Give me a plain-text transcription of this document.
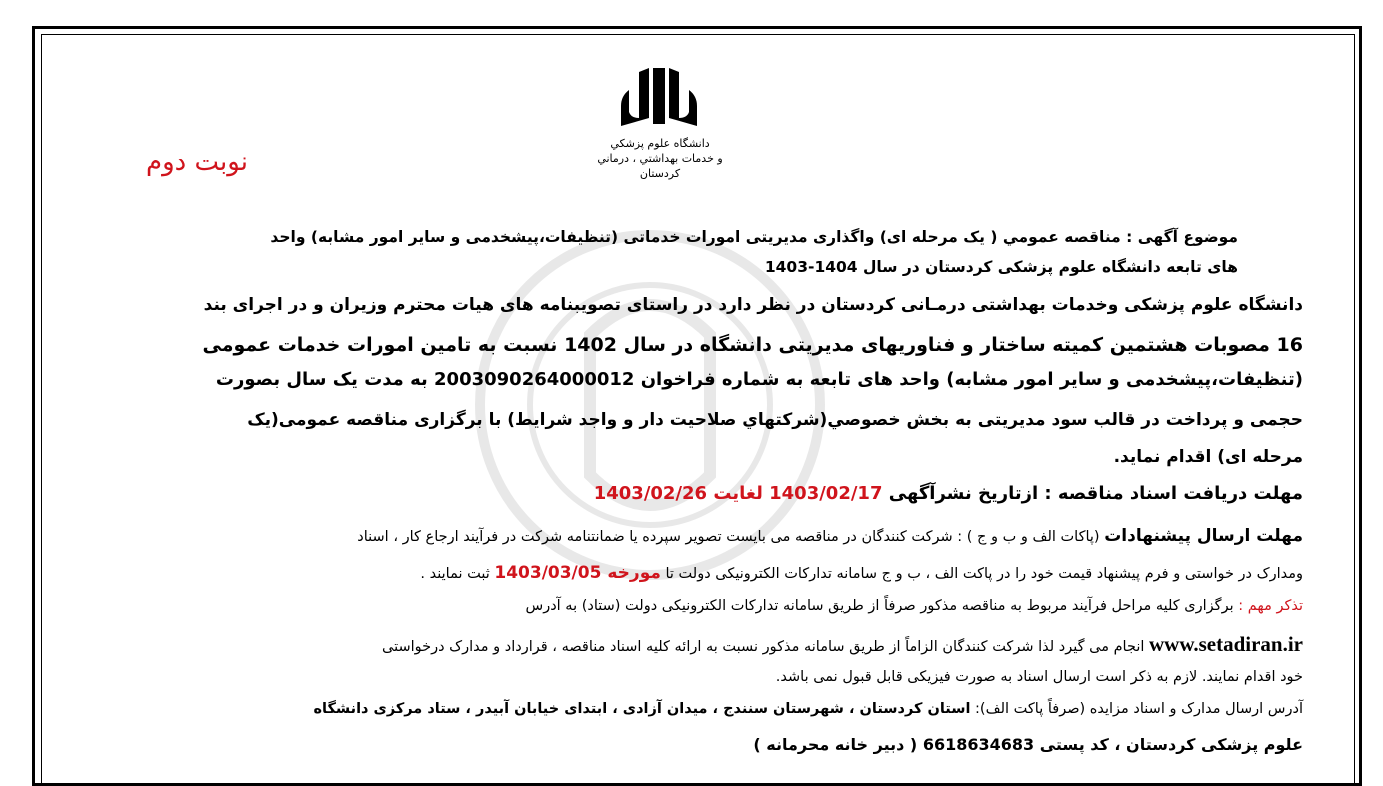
دانشگاه علوم پزشکي
و خدمات بهداشتي ، درماني
کردستان
نوبت دوم
موضوع آگهی : مناقصه عمومي ( یک مرحله ای) واگذاری مدیریتی امورات خدماتی (تنظیفات،پیشخدمی و سایر امور مشابه) واحد
های تابعه دانشگاه علوم پزشکی کردستان در سال 1404-1403
دانشگاه علوم پزشکی وخدمات بهداشتی درمـانی کردستان در نظر دارد در راستای تصویبنامه های هیات محترم وزیران و در اجرای بند
16 مصوبات هشتمین کمیته ساختار و فناوریهای مدیریتی دانشگاه در سال 1402 نسبت به تامین امورات خدمات عمومی
(تنظیفات،پیشخدمی و سایر امور مشابه) واحد های تابعه به شماره فراخوان 2003090264000012 به مدت یک سال بصورت
حجمی و پرداخت در قالب سود مدیریتی به بخش خصوصي(شرکتهاي صلاحيت دار و واجد شرايط) با برگزاری مناقصه عمومی(یک
مرحله ای) اقدام نماید.
مهلت دریافت اسناد مناقصه : ازتاریخ نشرآگهی 1403/02/17 لغایت 1403/02/26
مهلت ارسال پیشنهادات (پاکات الف و ب و ج ) : شرکت کنندگان در مناقصه می بایست تصویر سپرده یا ضمانتنامه شرکت در فرآیند ارجاع کار ، اسناد
ومدارک در خواستی و فرم پیشنهاد قیمت خود را در پاکت الف ، ب و ج سامانه تدارکات الکترونیکی دولت تا مورخه 1403/03/05 ثبت نمایند .
تذکر مهم : برگزاری کلیه مراحل فرآیند مربوط به مناقصه مذکور صرفاً از طریق سامانه تدارکات الکترونیکی دولت (ستاد) به آدرس
www.setadiran.ir انجام می گیرد لذا شرکت کنندگان الزاماً از طریق سامانه مذکور نسبت به ارائه کلیه اسناد مناقصه ، قرارداد و مدارک درخواستی
خود اقدام نمایند. لازم به ذکر است ارسال اسناد به صورت فیزیکی قابل قبول نمی باشد.
آدرس ارسال مدارک و اسناد مزایده (صرفاً پاکت الف): استان کردستان ، شهرستان سنندج ، میدان آزادی ، ابتدای خیابان آبیدر ، ستاد مرکزی دانشگاه
علوم پزشکی کردستان ، کد پستی 6618634683 ( دبیر خانه محرمانه )
